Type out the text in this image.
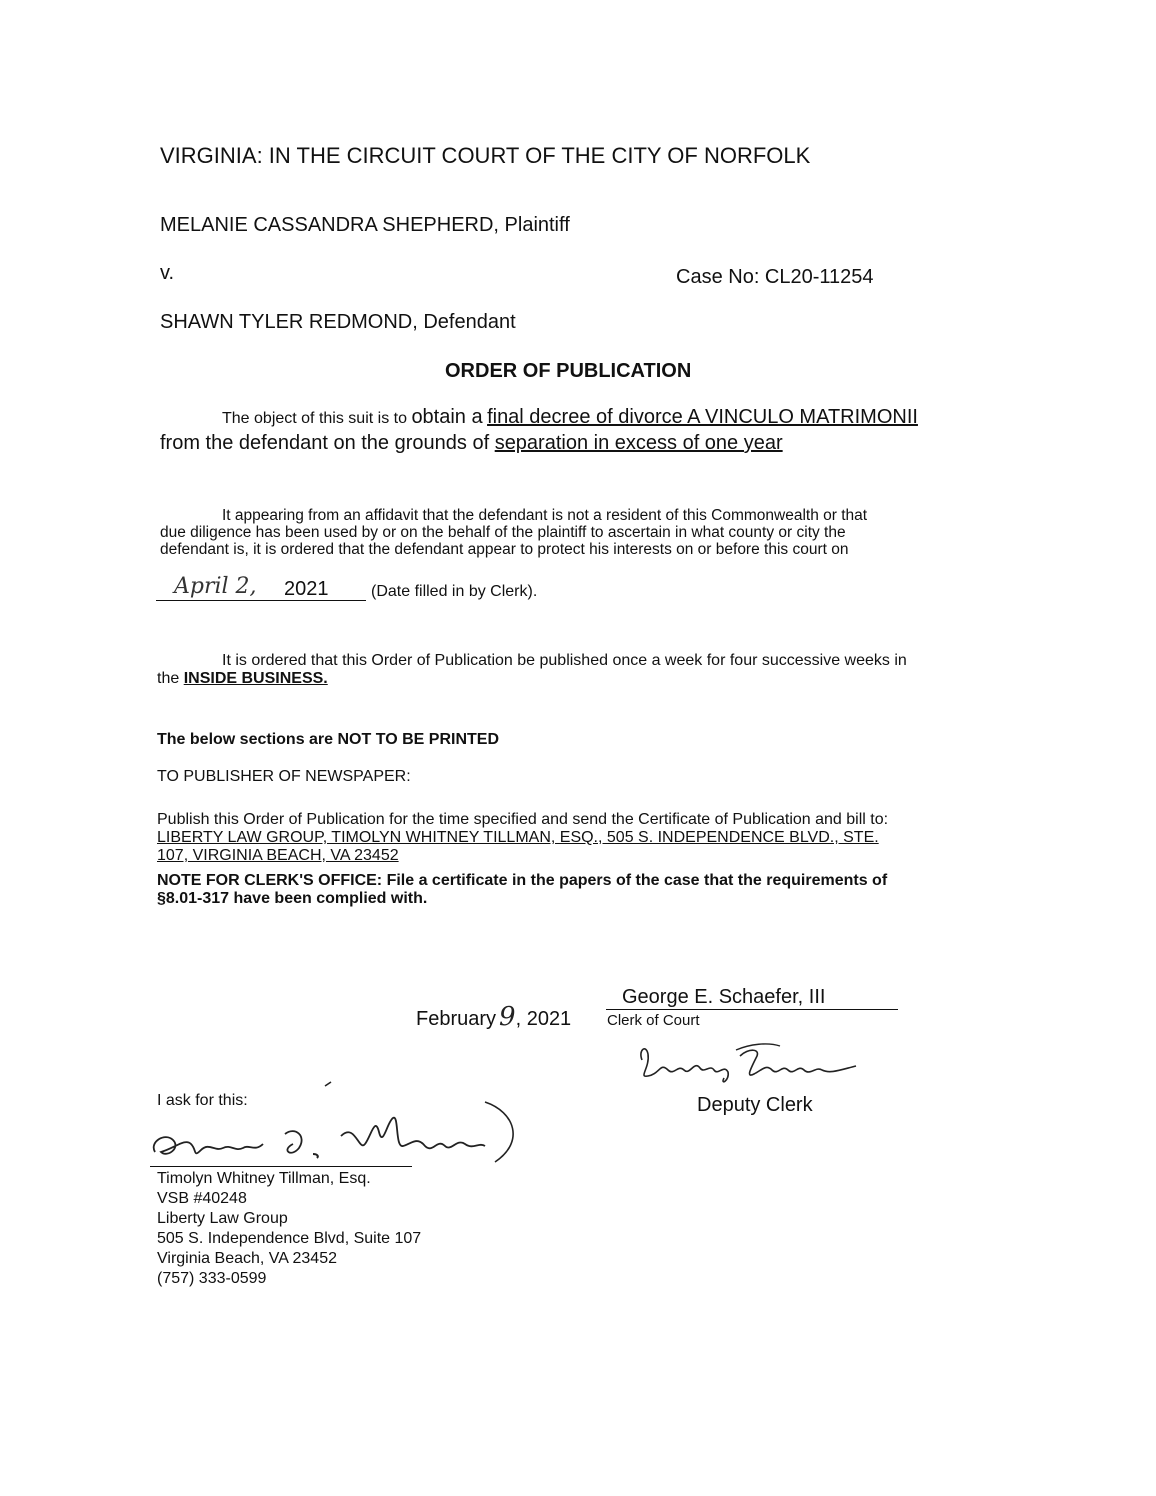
VIRGINIA: IN THE CIRCUIT COURT OF THE CITY OF NORFOLK
MELANIE CASSANDRA SHEPHERD, Plaintiff
v.	Case No: CL20-11254
SHAWN TYLER REDMOND, Defendant
ORDER OF PUBLICATION
The object of this suit is to obtain a final decree of divorce A VINCULO MATRIMONII
from the defendant on the grounds of separation in excess of one year
It appearing from an affidavit that the defendant is not a resident of this Commonwealth or that
due diligence has been used by or on the behalf of the plaintiff to ascertain in what county or city the
defendant is, it is ordered that the defendant appear to protect his interests on or before this court on
April 2, 2021	(Date filled in by Clerk).
It is ordered that this Order of Publication be published once a week for four successive weeks in
the INSIDE BUSINESS.
The below sections are NOT TO BE PRINTED
TO PUBLISHER OF NEWSPAPER:
Publish this Order of Publication for the time specified and send the Certificate of Publication and bill to:
LIBERTY LAW GROUP, TIMOLYN WHITNEY TILLMAN, ESQ., 505 S. INDEPENDENCE BLVD., STE.
107, VIRGINIA BEACH, VA 23452
NOTE FOR CLERK'S OFFICE: File a certificate in the papers of the case that the requirements of
§8.01-317 have been complied with.
February 9, 2021
George E. Schaefer, III
Clerk of Court
Deputy Clerk
I ask for this:
Timolyn Whitney Tillman, Esq.
VSB #40248
Liberty Law Group
505 S. Independence Blvd, Suite 107
Virginia Beach, VA 23452
(757) 333-0599
